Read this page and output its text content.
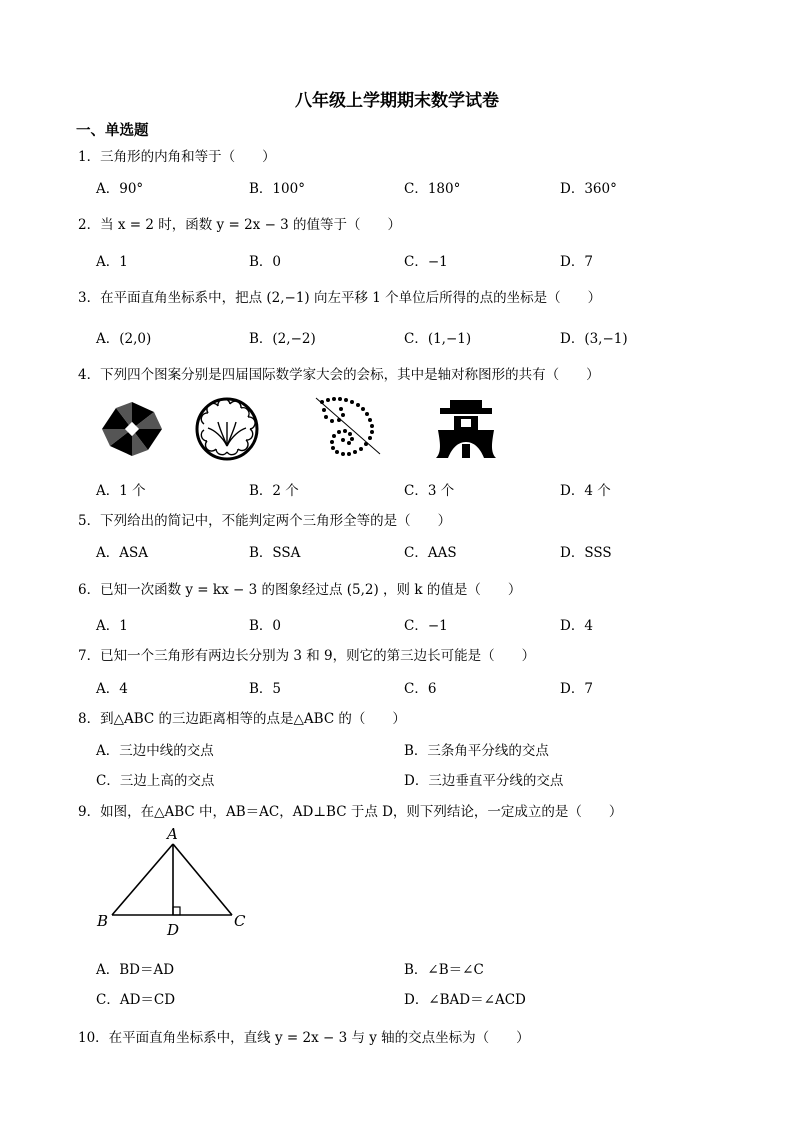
八年级上学期期末数学试卷
一、单选题
1．三角形的内角和等于（　　）
A．90°	B．100°	C．180°	D．360°
2．当 x = 2 时，函数 y = 2x − 3 的值等于（　　）
A．1	B．0	C．−1	D．7
3．在平面直角坐标系中，把点 (2,−1) 向左平移 1 个单位后所得的点的坐标是（　　）
A．(2,0)	B．(2,−2)	C．(1,−1)	D．(3,−1)
4．下列四个图案分别是四届国际数学家大会的会标，其中是轴对称图形的共有（　　）
A．1 个	B．2 个	C．3 个	D．4 个
5．下列给出的简记中，不能判定两个三角形全等的是（　　）
A．ASA	B．SSA	C．AAS	D．SSS
6．已知一次函数 y = kx − 3 的图象经过点 (5,2) ，则 k 的值是（　　）
A．1	B．0	C．−1	D．4
7．已知一个三角形有两边长分别为 3 和 9，则它的第三边长可能是（　　）
A．4	B．5	C．6	D．7
8．到△ABC 的三边距离相等的点是△ABC 的（　　）
A．三边中线的交点	B．三条角平分线的交点
C．三边上高的交点	D．三边垂直平分线的交点
9．如图，在△ABC 中，AB＝AC，AD⊥BC 于点 D，则下列结论，一定成立的是（　　）
A
B	C
D
A．BD＝AD	B．∠B＝∠C
C．AD＝CD	D．∠BAD＝∠ACD
10．在平面直角坐标系中，直线 y = 2x − 3 与 y 轴的交点坐标为（　　）
